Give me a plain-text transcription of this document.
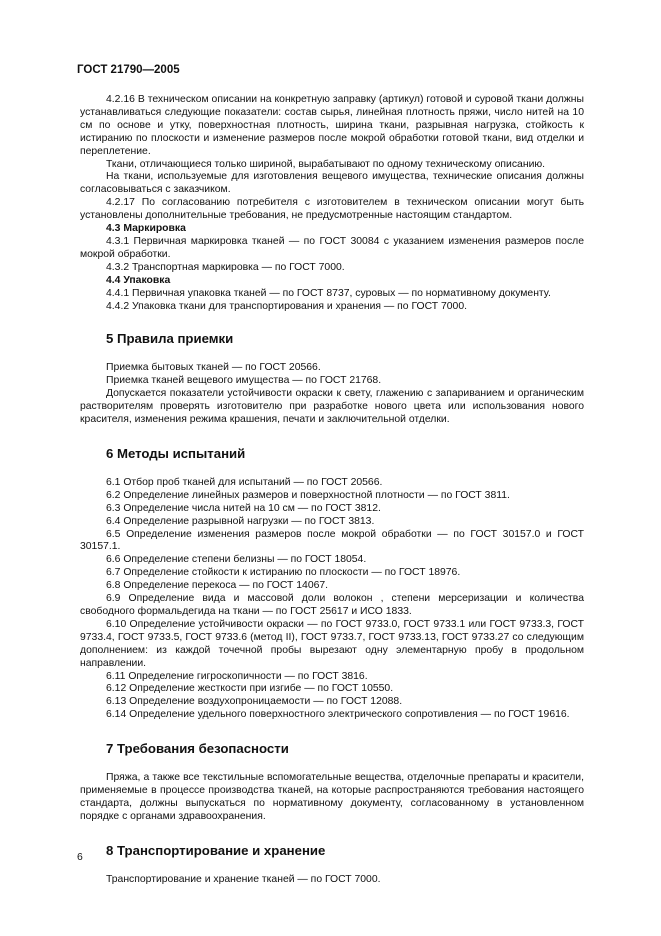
ГОСТ 21790—2005

4.2.16 В техническом описании на конкретную заправку (артикул) готовой и суровой ткани должны устанавливаться следующие показатели: состав сырья, линейная плотность пряжи, число нитей на 10 см по основе и утку, поверхностная плотность, ширина ткани, разрывная нагрузка, стойкость к истиранию по плоскости и изменение размеров после мокрой обработки готовой ткани, вид отделки и переплетение.

Ткани, отличающиеся только шириной, вырабатывают по одному техническому описанию.

На ткани, используемые для изготовления вещевого имущества, технические описания должны согласовываться с заказчиком.

4.2.17 По согласованию потребителя с изготовителем в техническом описании могут быть установлены дополнительные требования, не предусмотренные настоящим стандартом.

4.3 Маркировка

4.3.1 Первичная маркировка тканей — по ГОСТ 30084 с указанием изменения размеров после мокрой обработки.

4.3.2 Транспортная маркировка — по ГОСТ 7000.

4.4 Упаковка

4.4.1 Первичная упаковка тканей — по ГОСТ 8737, суровых — по нормативному документу.

4.4.2 Упаковка ткани для транспортирования и хранения — по ГОСТ 7000.

5 Правила приемки

Приемка бытовых тканей — по ГОСТ 20566.

Приемка тканей вещевого имущества — по ГОСТ 21768.

Допускается показатели устойчивости окраски к свету, глажению с запариванием и органическим растворителям проверять изготовителю при разработке нового цвета или использования нового красителя, изменения режима крашения, печати и заключительной отделки.

6 Методы испытаний

6.1 Отбор проб тканей для испытаний — по ГОСТ 20566.

6.2 Определение линейных размеров и поверхностной плотности — по ГОСТ 3811.

6.3 Определение числа нитей на 10 см — по ГОСТ 3812.

6.4 Определение разрывной нагрузки — по ГОСТ 3813.

6.5 Определение изменения размеров после мокрой обработки — по ГОСТ 30157.0 и ГОСТ 30157.1.

6.6 Определение степени белизны — по ГОСТ 18054.

6.7 Определение стойкости к истиранию по плоскости — по ГОСТ 18976.

6.8 Определение перекоса — по ГОСТ 14067.

6.9 Определение вида и массовой доли волокон , степени мерсеризации и количества свободного формальдегида на ткани — по ГОСТ 25617 и ИСО 1833.

6.10 Определение устойчивости окраски — по ГОСТ 9733.0, ГОСТ 9733.1 или ГОСТ 9733.3, ГОСТ 9733.4, ГОСТ 9733.5, ГОСТ 9733.6 (метод II), ГОСТ 9733.7, ГОСТ 9733.13, ГОСТ 9733.27 со следующим дополнением: из каждой точечной пробы вырезают одну элементарную пробу в продольном направлении.

6.11 Определение гигроскопичности — по ГОСТ 3816.

6.12 Определение жесткости при изгибе — по ГОСТ 10550.

6.13 Определение воздухопроницаемости — по ГОСТ 12088.

6.14 Определение удельного поверхностного электрического сопротивления — по ГОСТ 19616.

7 Требования безопасности

Пряжа, а также все текстильные вспомогательные вещества, отделочные препараты и красители, применяемые в процессе производства тканей, на которые распространяются требования настоящего стандарта, должны выпускаться по нормативному документу, согласованному в установленном порядке с органами здравоохранения.

8 Транспортирование и хранение

Транспортирование и хранение тканей — по ГОСТ 7000.

6
